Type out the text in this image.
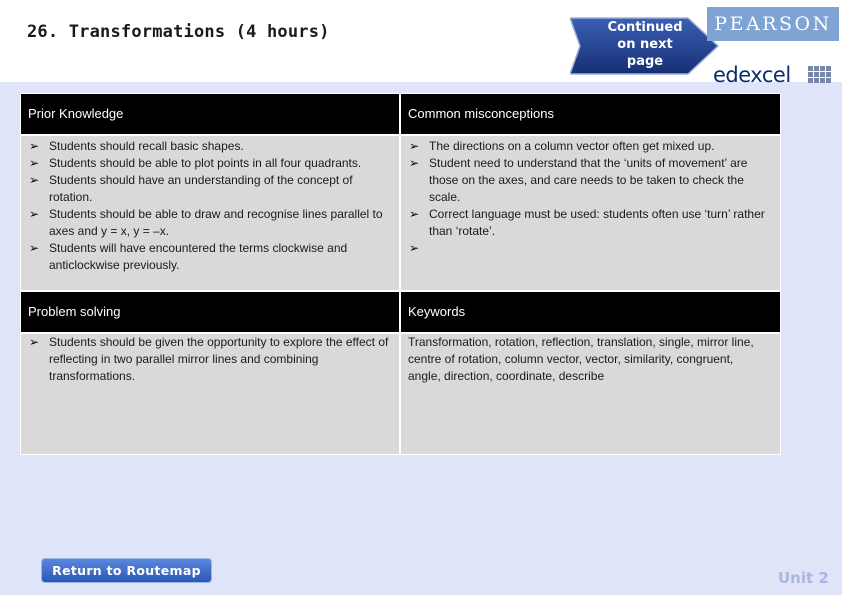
26. Transformations (4 hours)	Continued
on next
page
PEARSON
edexcel
Prior Knowledge
➢ Students should recall basic shapes.
➢ Students should be able to plot points in all four quadrants.
➢ Students should have an understanding of the concept of rotation.
➢ Students should be able to draw and recognise lines parallel to axes and y = x, y = –x.
➢ Students will have encountered the terms clockwise and anticlockwise previously.
Common misconceptions
➢ The directions on a column vector often get mixed up.
➢ Student need to understand that the ‘units of movement’ are those on the axes, and care needs to be taken to check the scale.
➢ Correct language must be used: students often use ‘turn’ rather than ‘rotate’.
Problem solving
➢ Students should be given the opportunity to explore the effect of reflecting in two parallel mirror lines and combining transformations.
Keywords

Transformation, rotation, reflection, translation, single, mirror line, centre of rotation, column vector, vector, similarity, congruent, angle, direction, coordinate, describe

Return to Routemap	Unit 2
